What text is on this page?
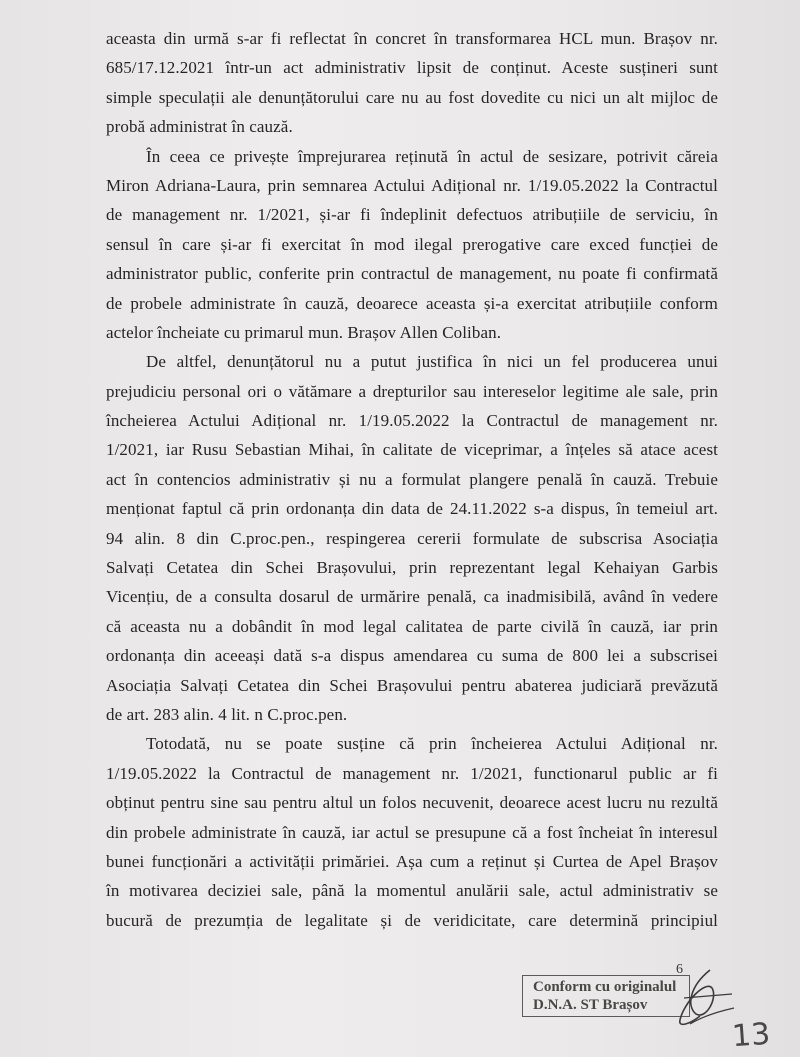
aceasta din urmă s-ar fi reflectat în concret în transformarea HCL mun. Brașov nr.
685/17.12.2021 într-un act administrativ lipsit de conținut. Aceste susțineri sunt
simple speculații ale denunțătorului care nu au fost dovedite cu nici un alt mijloc de
probă administrat în cauză.
În ceea ce privește împrejurarea reținută în actul de sesizare, potrivit căreia
Miron Adriana-Laura, prin semnarea Actului Adițional nr. 1/19.05.2022 la Contractul
de management nr. 1/2021, și-ar fi îndeplinit defectuos atribuțiile de serviciu, în
sensul în care și-ar fi exercitat în mod ilegal prerogative care exced funcției de
administrator public, conferite prin contractul de management, nu poate fi confirmată
de probele administrate în cauză, deoarece aceasta și-a exercitat atribuțiile conform
actelor încheiate cu primarul mun. Brașov Allen Coliban.
De altfel, denunțătorul nu a putut justifica în nici un fel producerea unui
prejudiciu personal ori o vătămare a drepturilor sau intereselor legitime ale sale, prin
încheierea Actului Adițional nr. 1/19.05.2022 la Contractul de management nr.
1/2021, iar Rusu Sebastian Mihai, în calitate de viceprimar, a înțeles să atace acest
act în contencios administrativ și nu a formulat plangere penală în cauză. Trebuie
menționat faptul că prin ordonanța din data de 24.11.2022 s-a dispus, în temeiul art.
94 alin. 8 din C.proc.pen., respingerea cererii formulate de subscrisa Asociația
Salvați Cetatea din Schei Brașovului, prin reprezentant legal Kehaiyan Garbis
Vicențiu, de a consulta dosarul de urmărire penală, ca inadmisibilă, având în vedere
că aceasta nu a dobândit în mod legal calitatea de parte civilă în cauză, iar prin
ordonanța din aceeași dată s-a dispus amendarea cu suma de 800 lei a subscrisei
Asociația Salvați Cetatea din Schei Brașovului pentru abaterea judiciară prevăzută
de art. 283 alin. 4 lit. n C.proc.pen.
Totodată, nu se poate susține că prin încheierea Actului Adițional nr.
1/19.05.2022 la Contractul de management nr. 1/2021, functionarul public ar fi
obținut pentru sine sau pentru altul un folos necuvenit, deoarece acest lucru nu rezultă
din probele administrate în cauză, iar actul se presupune că a fost încheiat în interesul
bunei funcționări a activității primăriei. Așa cum a reținut și Curtea de Apel Brașov
în motivarea deciziei sale, până la momentul anulării sale, actul administrativ se
bucură de prezumția de legalitate și de veridicitate, care determină principiul
6
Conform cu originalul
D.N.A. ST Brașov
13
